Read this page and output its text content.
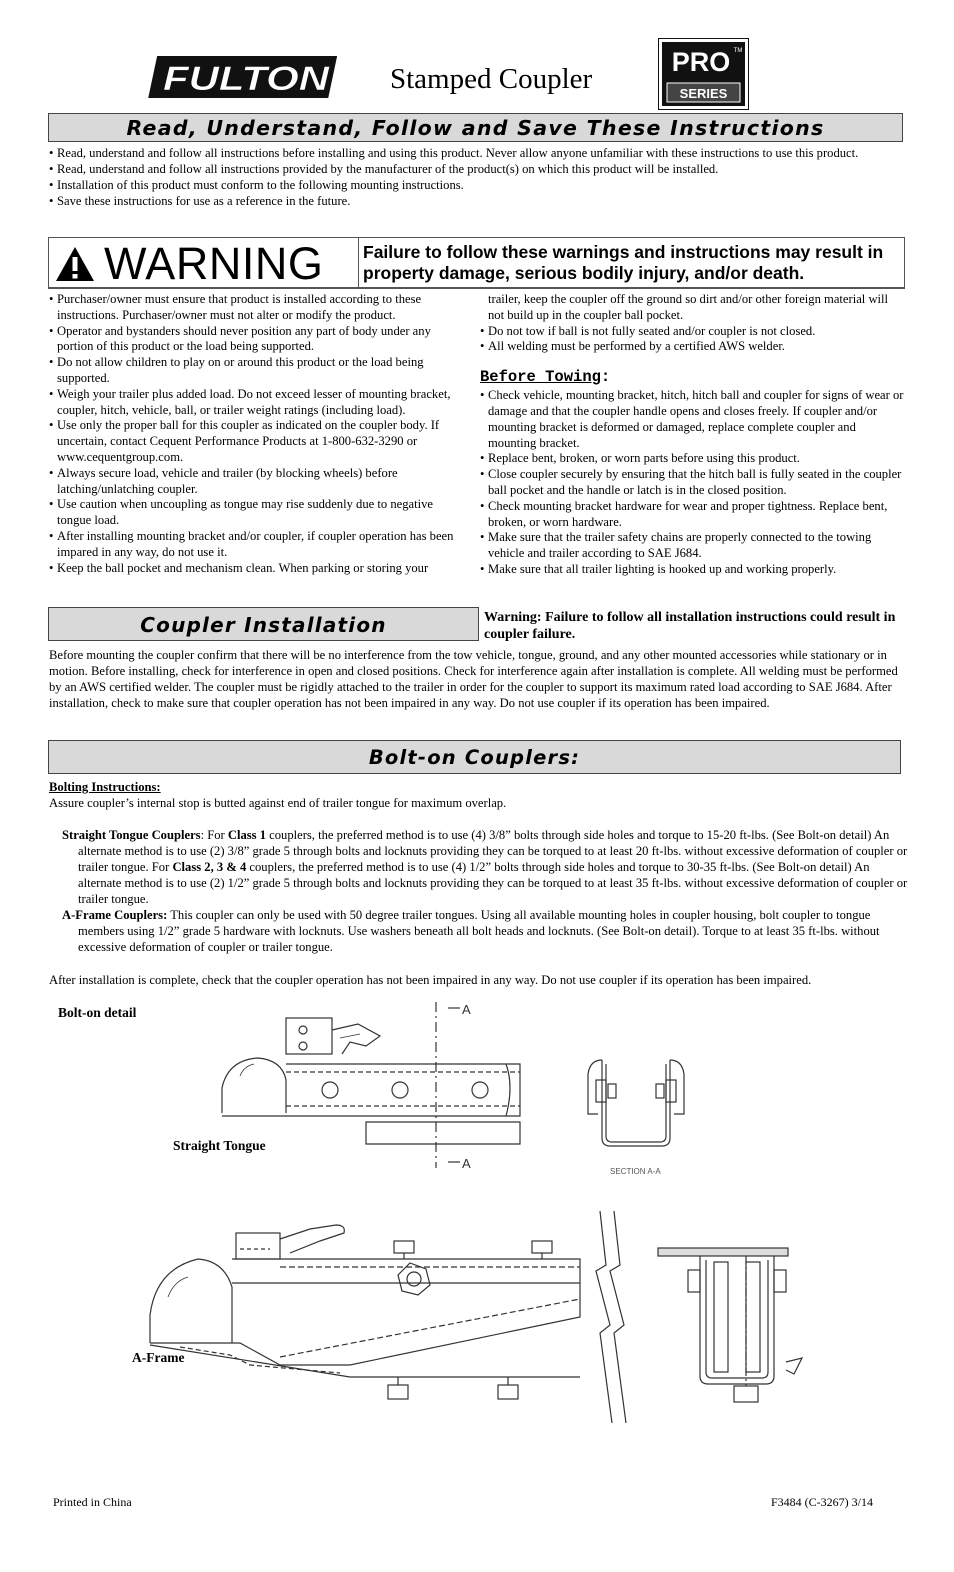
FULTON Stamped Coupler
PRO TM
SERIES
Read, Understand, Follow and Save These Instructions
• Read, understand and follow all instructions before installing and using this product. Never allow anyone unfamiliar with these instructions to use this product.
• Read, understand and follow all instructions provided by the manufacturer of the product(s) on which this product will be installed.
• Installation of this product must conform to the following mounting instructions.
• Save these instructions for use as a reference in the future.
WARNING Failure to follow these warnings and instructions may result in property damage, serious bodily injury, and/or death.
• Purchaser/owner must ensure that product is installed according to these instructions. Purchaser/owner must not alter or modify the product.
• Operator and bystanders should never position any part of body under any portion of this product or the load being supported.
• Do not allow children to play on or around this product or the load being supported.
• Weigh your trailer plus added load. Do not exceed lesser of mounting bracket, coupler, hitch, vehicle, ball, or trailer weight ratings (including load).
• Use only the proper ball for this coupler as indicated on the coupler body. If uncertain, contact Cequent Performance Products at 1-800-632-3290 or www.cequentgroup.com.
• Always secure load, vehicle and trailer (by blocking wheels) before latching/unlatching coupler.
• Use caution when uncoupling as tongue may rise suddenly due to negative tongue load.
• After installing mounting bracket and/or coupler, if coupler operation has been impared in any way, do not use it.
• Keep the ball pocket and mechanism clean. When parking or storing your
trailer, keep the coupler off the ground so dirt and/or other foreign material will not build up in the coupler ball pocket.
• Do not tow if ball is not fully seated and/or coupler is not closed.
• All welding must be performed by a certified AWS welder.
Before Towing:
• Check vehicle, mounting bracket, hitch, hitch ball and coupler for signs of wear or damage and that the coupler handle opens and closes freely. If coupler and/or mounting bracket is deformed or damaged, replace complete coupler and mounting bracket.
• Replace bent, broken, or worn parts before using this product.
• Close coupler securely by ensuring that the hitch ball is fully seated in the coupler ball pocket and the handle or latch is in the closed position.
• Check mounting bracket hardware for wear and proper tightness. Replace bent, broken, or worn hardware.
• Make sure that the trailer safety chains are properly connected to the towing vehicle and trailer according to SAE J684.
• Make sure that all trailer lighting is hooked up and working properly.
Coupler Installation	Warning: Failure to follow all installation instructions could result in coupler failure.
Before mounting the coupler confirm that there will be no interference from the tow vehicle, tongue, ground, and any other mounted accessories while stationary or in motion. Before installing, check for interference in open and closed positions. Check for interference again after installation is complete. All welding must be performed by an AWS certified welder. The coupler must be rigidly attached to the trailer in order for the coupler to support its maximum rated load according to SAE J684. After installation, check to make sure that coupler operation has not been impaired in any way. Do not use coupler if its operation has been impaired.
Bolt-on Couplers:
Bolting Instructions:
Assure coupler’s internal stop is butted against end of trailer tongue for maximum overlap.

Straight Tongue Couplers: For Class 1 couplers, the preferred method is to use (4) 3/8” bolts through side holes and torque to 15-20 ft-lbs. (See Bolt-on detail) An alternate method is to use (2) 3/8” grade 5 through bolts and locknuts providing they can be torqued to at least 20 ft-lbs. without excessive deformation of coupler or trailer tongue. For Class 2, 3 & 4 couplers, the preferred method is to use (4) 1/2” bolts through side holes and torque to 30-35 ft-lbs. (See Bolt-on detail) An alternate method is to use (2) 1/2” grade 5 through bolts and locknuts providing they can be torqued to at least 35 ft-lbs. without excessive deformation of coupler or trailer tongue.

A-Frame Couplers: This coupler can only be used with 50 degree trailer tongues. Using all available mounting holes in coupler housing, bolt coupler to tongue members using 1/2” grade 5 hardware with locknuts. Use washers beneath all bolt heads and locknuts. (See Bolt-on detail). Torque to at least 35 ft-lbs. without excessive deformation of coupler or trailer tongue.

After installation is complete, check that the coupler operation has not been impaired in any way. Do not use coupler if its operation has been impaired.
Bolt-on detail
Straight Tongue
A-Frame
A
A
SECTION A-A
Printed in China	F3484 (C-3267) 3/14
